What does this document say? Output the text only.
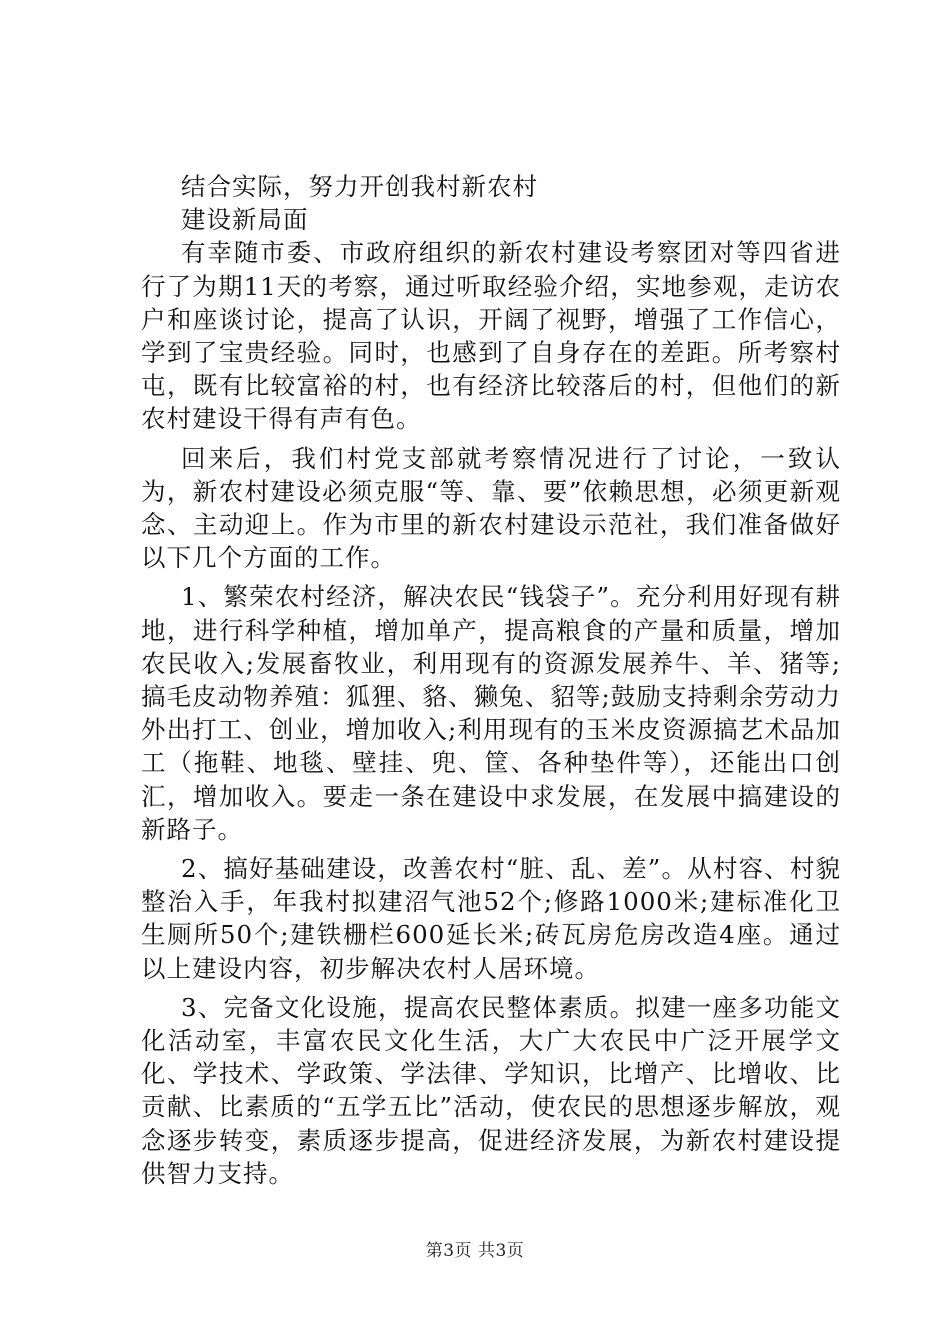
结合实际，努力开创我村新农村

建设新局面

有幸随市委、市政府组织的新农村建设考察团对等四省进行了为期11天的考察，通过听取经验介绍，实地参观，走访农户和座谈讨论，提高了认识，开阔了视野，增强了工作信心，学到了宝贵经验。同时，也感到了自身存在的差距。所考察村屯，既有比较富裕的村，也有经济比较落后的村，但他们的新农村建设干得有声有色。

回来后，我们村党支部就考察情况进行了讨论，一致认为，新农村建设必须克服“等、靠、要”依赖思想，必须更新观念、主动迎上。作为市里的新农村建设示范社，我们准备做好以下几个方面的工作。

1、繁荣农村经济，解决农民“钱袋子”。充分利用好现有耕地，进行科学种植，增加单产，提高粮食的产量和质量，增加农民收入;发展畜牧业，利用现有的资源发展养牛、羊、猪等;搞毛皮动物养殖：狐狸、貉、獭兔、貂等;鼓励支持剩余劳动力外出打工、创业，增加收入;利用现有的玉米皮资源搞艺术品加工（拖鞋、地毯、壁挂、兜、筐、各种垫件等），还能出口创汇，增加收入。要走一条在建设中求发展，在发展中搞建设的新路子。

2、搞好基础建设，改善农村“脏、乱、差”。从村容、村貌整治入手，年我村拟建沼气池52个;修路1000米;建标准化卫生厕所50个;建铁栅栏600延长米;砖瓦房危房改造4座。通过以上建设内容，初步解决农村人居环境。

3、完备文化设施，提高农民整体素质。拟建一座多功能文化活动室，丰富农民文化生活，大广大农民中广泛开展学文化、学技术、学政策、学法律、学知识，比增产、比增收、比贡献、比素质的“五学五比”活动，使农民的思想逐步解放，观念逐步转变，素质逐步提高，促进经济发展，为新农村建设提供智力支持。

第3页 共3页
